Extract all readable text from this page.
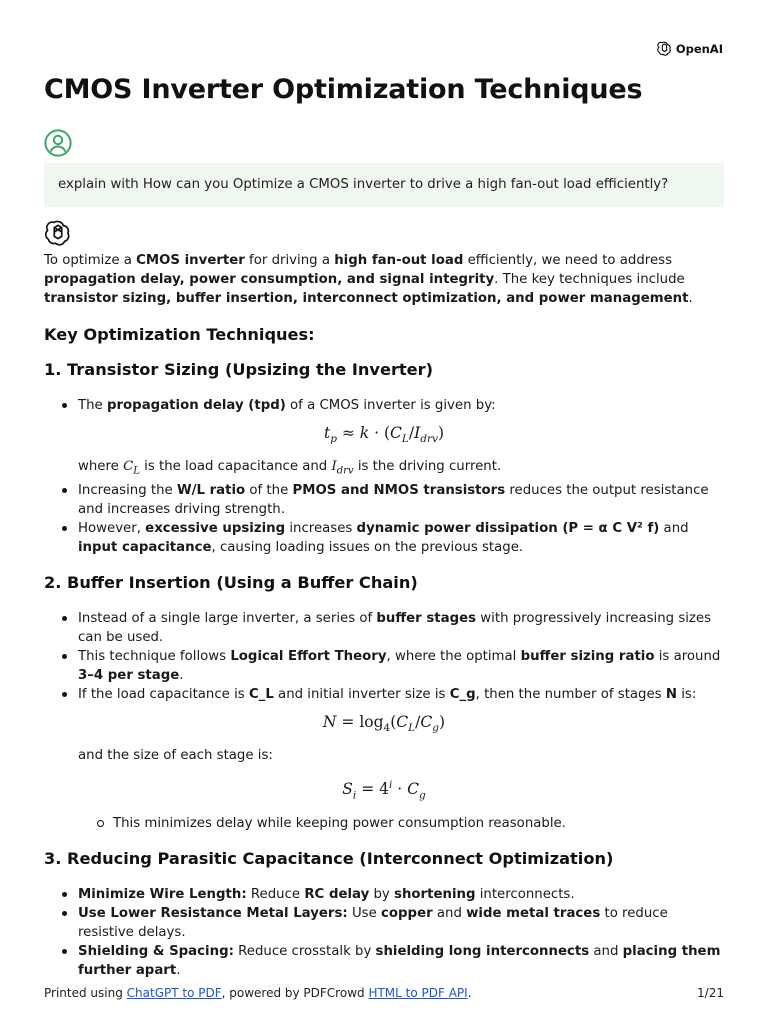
OpenAI
CMOS Inverter Optimization Techniques
explain with How can you Optimize a CMOS inverter to drive a high fan-out load efficiently?

To optimize a CMOS inverter for driving a high fan-out load efficiently, we need to address propagation delay, power consumption, and signal integrity. The key techniques include transistor sizing, buffer insertion, interconnect optimization, and power management.

Key Optimization Techniques:
1. Transistor Sizing (Upsizing the Inverter)
The propagation delay (tpd) of a CMOS inverter is given by:
$t_p \approx k \cdot (C_L/I_{drv})$
where $C_L$ is the load capacitance and $I_{drv}$ is the driving current.
Increasing the W/L ratio of the PMOS and NMOS transistors reduces the output resistance and increases driving strength.
However, excessive upsizing increases dynamic power dissipation (P = α C V² f) and input capacitance, causing loading issues on the previous stage.
2. Buffer Insertion (Using a Buffer Chain)
Instead of a single large inverter, a series of buffer stages with progressively increasing sizes can be used.
This technique follows Logical Effort Theory, where the optimal buffer sizing ratio is around 3–4 per stage.
If the load capacitance is C_L and initial inverter size is C_g, then the number of stages N is:
$N = \log_4(C_L/C_g)$
and the size of each stage is:
$S_i = 4^i \cdot C_g$
This minimizes delay while keeping power consumption reasonable.
3. Reducing Parasitic Capacitance (Interconnect Optimization)
Minimize Wire Length: Reduce RC delay by shortening interconnects.
Use Lower Resistance Metal Layers: Use copper and wide metal traces to reduce resistive delays.
Shielding & Spacing: Reduce crosstalk by shielding long interconnects and placing them further apart.
Printed using ChatGPT to PDF, powered by PDFCrowd HTML to PDF API.	1/21
